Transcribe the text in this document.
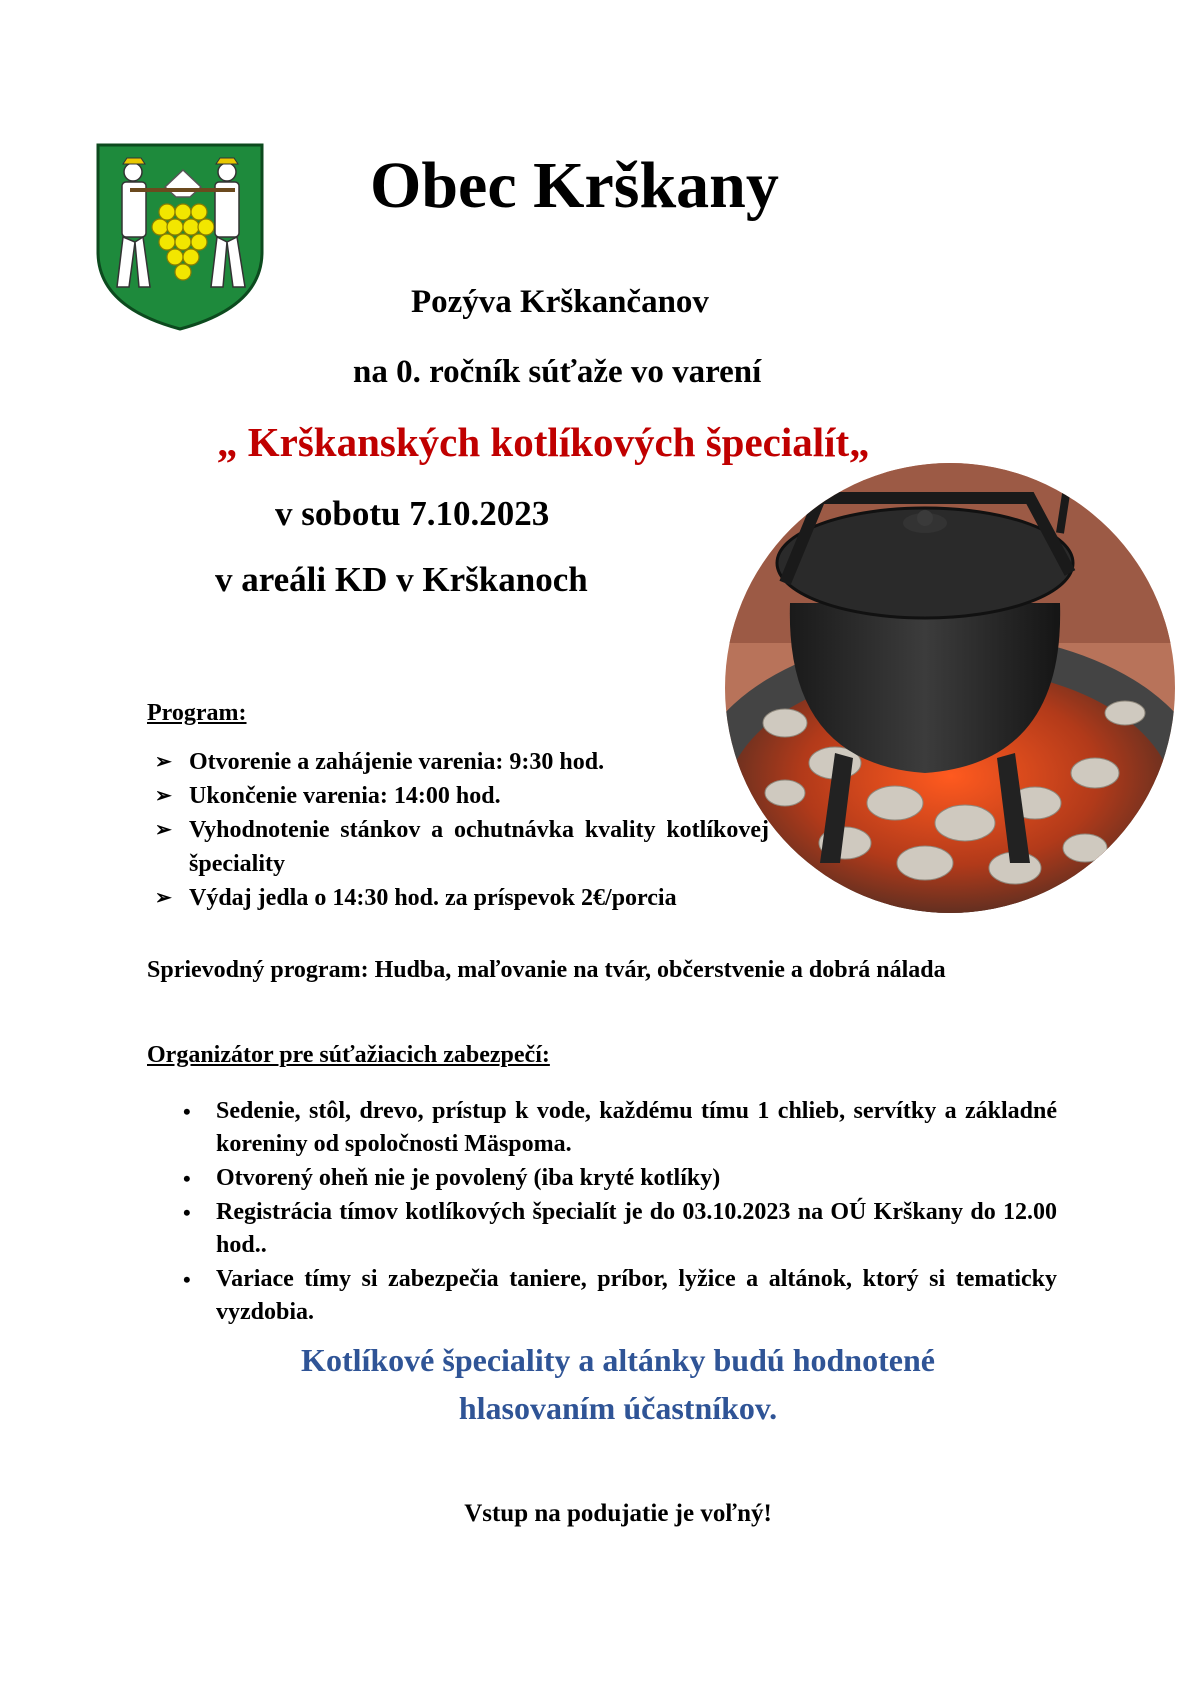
Obec Krškany
Pozýva Krškančanov
na 0. ročník súťaže vo varení
„ Krškanských kotlíkových špecialít„
v sobotu 7.10.2023
v areáli KD v Krškanoch
Program:
➢ Otvorenie a zahájenie varenia: 9:30 hod.
➢ Ukončenie varenia: 14:00 hod.
➢ Vyhodnotenie stánkov a ochutnávka kvality kotlíkovej špeciality
➢ Výdaj jedla o 14:30 hod. za príspevok 2€/porcia
Sprievodný program: Hudba, maľovanie na tvár, občerstvenie a dobrá nálada
Organizátor pre súťažiacich zabezpečí:
• Sedenie, stôl, drevo, prístup k vode, každému tímu 1 chlieb, servítky a základné koreniny od spoločnosti Mäspoma.
• Otvorený oheň nie je povolený (iba kryté kotlíky)
• Registrácia tímov kotlíkových špecialít je do 03.10.2023 na OÚ Krškany do 12.00 hod..
• Variace tímy si zabezpečia taniere, príbor, lyžice a altánok, ktorý si tematicky vyzdobia.
Kotlíkové špeciality a altánky budú hodnotené
hlasovaním účastníkov.
Vstup na podujatie je voľný!
